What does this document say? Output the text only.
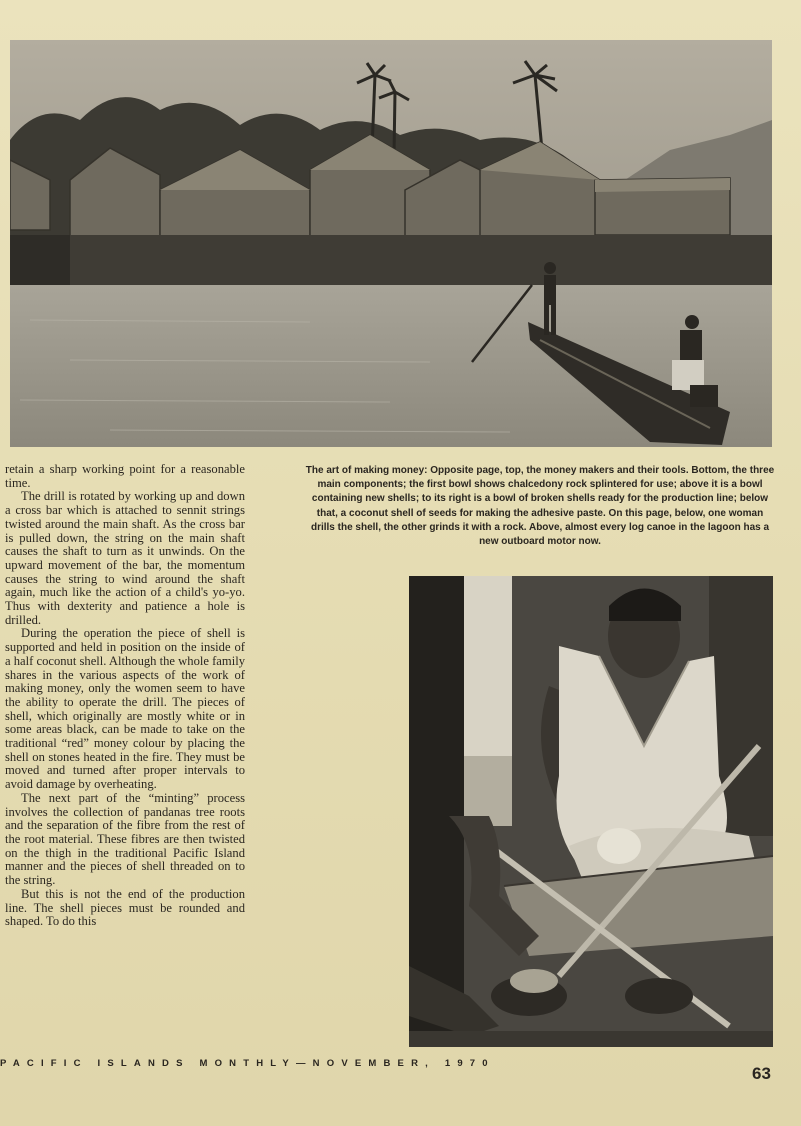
retain a sharp working point for a reasonable time.

The drill is rotated by working up and down a cross bar which is attached to sennit strings twisted around the main shaft. As the cross bar is pulled down, the string on the main shaft causes the shaft to turn as it unwinds. On the upward movement of the bar, the momentum causes the string to wind around the shaft again, much like the action of a child's yo-yo. Thus with dexterity and patience a hole is drilled.

During the operation the piece of shell is supported and held in position on the inside of a half coconut shell. Although the whole family shares in the various aspects of the work of making money, only the women seem to have the ability to operate the drill. The pieces of shell, which originally are mostly white or in some areas black, can be made to take on the traditional “red” money colour by placing the shell on stones heated in the fire. They must be moved and turned after proper intervals to avoid damage by overheating.

The next part of the “minting” process involves the collection of pandanas tree roots and the separation of the fibre from the rest of the root material. These fibres are then twisted on the thigh in the traditional Pacific Island manner and the pieces of shell threaded on to the string.

But this is not the end of the production line. The shell pieces must be rounded and shaped. To do this

The art of making money: Opposite page, top, the money makers and their tools. Bottom, the three main components; the first bowl shows chalcedony rock splintered for use; above it is a bowl containing new shells; to its right is a bowl of broken shells ready for the production line; below that, a coconut shell of seeds for making the adhesive paste. On this page, below, one woman drills the shell, the other grinds it with a rock. Above, almost every log canoe in the lagoon has a new outboard motor now.
PACIFIC ISLANDS MONTHLY—NOVEMBER, 1970
63
